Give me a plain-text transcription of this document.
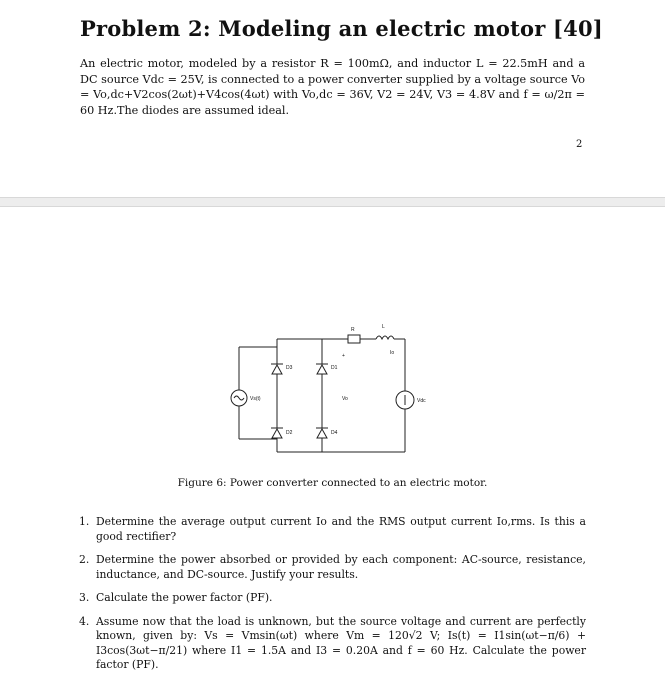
Problem 2: Modeling an electric motor [40]
An electric motor, modeled by a resistor R = 100mΩ, and inductor L = 22.5mH and a DC source Vdc = 25V, is connected to a power converter supplied by a voltage source Vo = Vo,dc+V2cos(2ωt)+V4cos(4ωt) with Vo,dc = 36V, V2 = 24V, V3 = 4.8V and f = ω/2π = 60 Hz.The diodes are assumed ideal.
2
R	L
Io
+
D3	D1
D2	D4
Vs(t)	Vo	Vdc
Figure 6: Power converter connected to an electric motor.
1. Determine the average output current Io and the RMS output current Io,rms. Is this a good rectifier?
2. Determine the power absorbed or provided by each component: AC-source, resistance, inductance, and DC-source. Justify your results.
3. Calculate the power factor (PF).
4. Assume now that the load is unknown, but the source voltage and current are perfectly known, given by: Vs = Vmsin(ωt) where Vm = 120√2 V; Is(t) = I1sin(ωt−π/6) + I3cos(3ωt−π/21) where I1 = 1.5A and I3 = 0.20A and f = 60 Hz. Calculate the power factor (PF).
